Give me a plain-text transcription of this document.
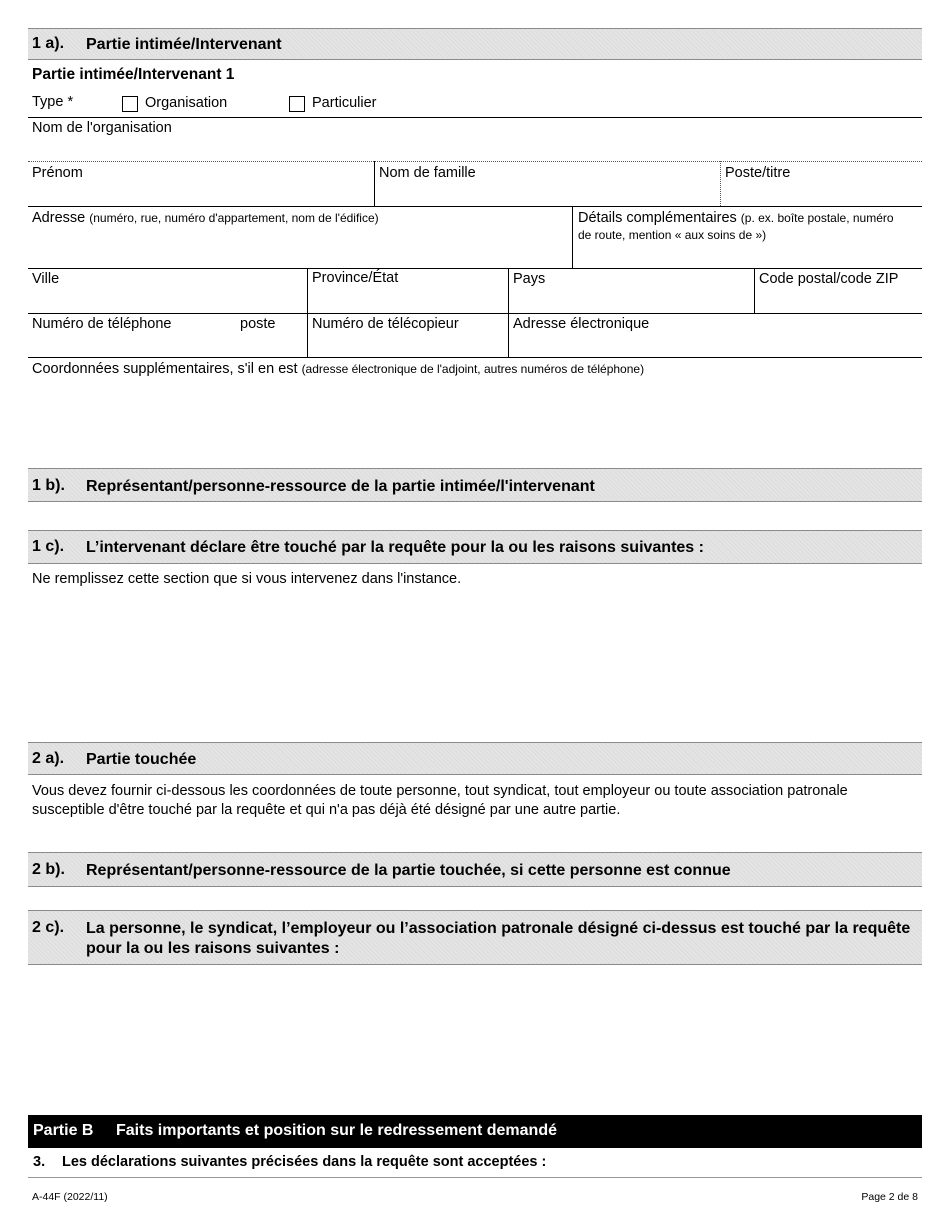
1 a). Partie intimée/Intervenant
Partie intimée/Intervenant 1
Type *	Organisation	Particulier
Nom de l'organisation
Prénom	Nom de famille	Poste/titre
Adresse (numéro, rue, numéro d'appartement, nom de l'édifice)	Détails complémentaires (p. ex. boîte postale, numéro
de route, mention « aux soins de »)
Ville	Province/État	Pays	Code postal/code ZIP
Numéro de téléphone	poste	Numéro de télécopieur	Adresse électronique
Coordonnées supplémentaires, s'il en est (adresse électronique de l'adjoint, autres numéros de téléphone)
1 b). Représentant/personne-ressource de la partie intimée/l'intervenant
1 c). L’intervenant déclare être touché par la requête pour la ou les raisons suivantes :
Ne remplissez cette section que si vous intervenez dans l'instance.
2 a). Partie touchée
Vous devez fournir ci-dessous les coordonnées de toute personne, tout syndicat, tout employeur ou toute association patronale susceptible d'être touché par la requête et qui n'a pas déjà été désigné par une autre partie.
2 b). Représentant/personne-ressource de la partie touchée, si cette personne est connue
2 c). La personne, le syndicat, l’employeur ou l’association patronale désigné ci-dessus est touché par la requête pour la ou les raisons suivantes :
Partie B Faits importants et position sur le redressement demandé
3. Les déclarations suivantes précisées dans la requête sont acceptées :
A-44F (2022/11)	Page 2 de 8
